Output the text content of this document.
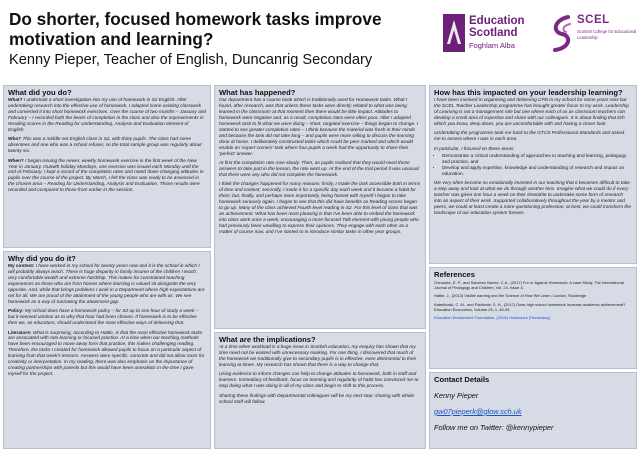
Do shorter, focused homework tasks improve motivation and learning?
Kenny Pieper, Teacher of English, Duncanrig Secondary
Education
Scotland
Foghlam Alba
SCEL
Scottish College for Educational Leadership
What did you do?

What? I undertook a short investigation into my use of homework in S2 English. After undertaking research into the effective use of homework, I adapted some existing classwork and converted it into short homework exercises. Over the course of two months – January and February – I recorded both the levels of completion in the class and also the improvements in Reading scores in the Reading for Understanding, Analysis and Evaluation element of English.

Who? This was a middle set English class in S2, with thirty pupils. The class had some absentees and one who was a school refuser, so the total sample group was regularly about twenty six.

When? I began issuing the newer, weekly homework exercise in the first week of the New Year in January. Outwith holiday Mondays, one exercise was issued each Monday until the end of February. I kept a record of the completion rates and noted down changing attitudes in pupils over the course of the project. By March, I felt the class was ready to be assessed in the chosen area – Reading for Understanding, Analysis and Evaluation. Those results were recorded and compared to those from earlier in the session.

Why did you do it?

My context: I have worked in my school for twenty years now and it is the school in which I will probably always teach. There is huge disparity in family income of the children I teach: very comfortable wealth and extreme hardship. This makes for constrained teaching experiences as those who are from homes where learning is valued sit alongside the very opposite. And, while that brings problems I work in a Department where high expectations are set for all. We are proud of the attainment of the young people who are with us. We see homework as a way of narrowing the attainment gap.

Policy: My school does have a homework policy – for S2 up to one hour of study a week – but it seemed unclear as to why that hour had been chosen. If homework is to be effective then we, as educators, should understand the most effective ways of delivering that.

Literature: What is surprising, according to Hattie, is that the most effective homework tasks are associated with rote learning or focused practice. At a time when our teaching methods have been encouraged to move away form that practice, this makes challenging reading. Therefore, the tasks I created for homework allowed pupils to focus on a particular aspect of learning from that week's lessons. Answers were specific, concrete and did not allow room for creativity or interpretation. In my reading, there was also emphasis on the importance of creating partnerships with parents but this would have been unrealistic in the time I gave myself for the project.

What has happened?

Our department has a course book which is traditionally used for Homework tasks. What I found, after research, was that unless these tasks were directly related to what was being learned in the classroom at that moment then there would be little impact. Attitudes to homework were negative and, as a result, completion rates were often poor. After I adapted homework task to fit what we were doing – short, targeted exercise – things began to change. I started to see greater completion rates – I think because the material was fresh in their minds and because the task did not take long – and pupils were more willing to discuss the learning done at home. I deliberately constructed tasks which could be peer marked and which would enable an 'expert corners' task where four pupils a week had the opportunity to share their 'perfect' answer.

At first the completion rate rose slowly. Then, as pupils realised that they would need those answers to take part in the lesson, the rate went up. At the end of the trial period it was unusual that there were any who did not complete the homework.

I think the changes happened for many reasons: firstly, I made the task accessible both in terms of time and content; secondly, I made it for a specific day each week and it became a habit for them; but, finally, and perhaps more importantly, being honest with myself I began to take homework seriously again. I began to see that this did have benefits as Reading scores began to go up. Many of the class achieved Fourth level reading in S2. For this level of class that was an achievement. What has been most pleasing is that I've been able to embed the homework into class work once a week, encouraging a more focused Talk element with young people who had previously been unwilling to express their opinions. They engage with each other as a matter of course now, and I've started to in introduce similar tasks in other year groups.

What are the implications?

At a time when workload is a huge issue in Scottish education, my enquiry has shown that my time need not be wasted with unnecessary marking. For one thing, I discovered that much of the homework we traditionally give to secondary pupils is in effective, even detrimental to their learning at times. My research has shown that there is a way to change that.

Using evidence to inform changes can help to change attitudes to homework, both in staff and learners. Immediacy of feedback, focus on learning and regularity of habit has convinced me to stop doing what I was doing in all of my class and begin to shift to this process.

Sharing these findings with Departmental colleagues will be my next step: sharing with whole school staff will follow.

How has this impacted on your leadership learning?

I have been involved in organising and delivering CPD in my school for some years now but the SCEL Teacher Leadership programme has brought greater focus to my work. Leadership of Learning is not a management role but one where each of us as classroom teachers can develop a small area of expertise and share with our colleagues. It is about finding that itch which you know, deep down, you are uncomfortable with and having a closer look.

Undertaking the programme took me back to the GTCS Professional Standards and asked me to assess where I was in each area.

In particular, I focused on these areas:

• Demonstrate a critical understanding of approaches to teaching and learning, pedagogy and practice, and
• Develop and apply expertise, knowledge and understanding of research and impact on education.

We very often become so emotionally invested in our teaching that it becomes difficult to take a step away and look at what we do through another lens. Imagine what we could do if every teacher was given one hour a week on their timetable to undertake some form of research into an aspect of their work. Supported collaboratively throughout the year by a mentor and peers, we could at least create a more questioning profession; at best, we could transform the landscape of our education system forever.

References

Gonzalez, E. P., and Sanchez Nunez, C.A., (2017) For or Against Homework: A case Study, The International Journal of Pedagogy and Children, Vol. 24, Issue 4.

Hattie, J., (2013) Visible earning and the Science of How We Learn, London, Routledge

Katerikoski, C. M., and Pablionis, S. H., (2017) Does high school homework increase academic achievement? Education Economics, Volume 25, 1, 45-49.

Education Endowment Foundation. (2018) Homework (Secondary)

Contact Details
Kenny Pieper
gw07pieperk@glow.sch.uk
Follow me on Twitter: @kennypieper
